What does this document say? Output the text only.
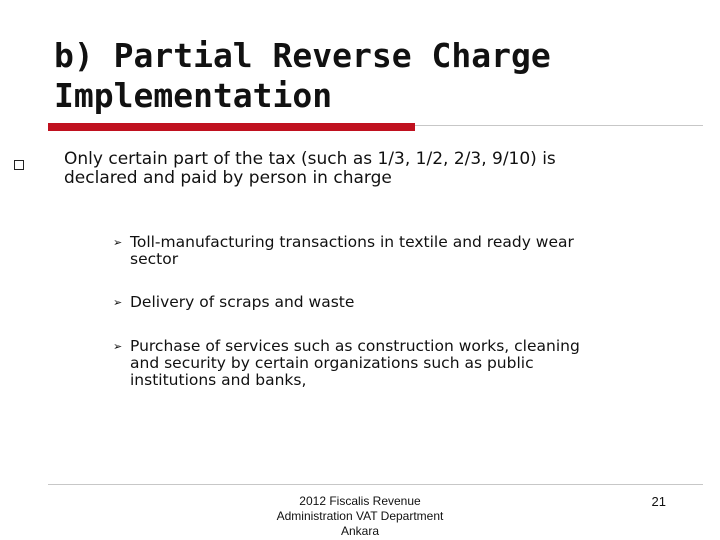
b) Partial Reverse Charge
Implementation
Only certain part of the tax (such as 1/3, 1/2, 2/3, 9/10) is
declared and paid by person in charge
➢ Toll-manufacturing transactions in textile and ready wear
sector
➢ Delivery of scraps and waste
➢ Purchase of services such as construction works, cleaning
and security by certain organizations such as public
institutions and banks,
2012 Fiscalis Revenue
Administration VAT Department
Ankara
21
